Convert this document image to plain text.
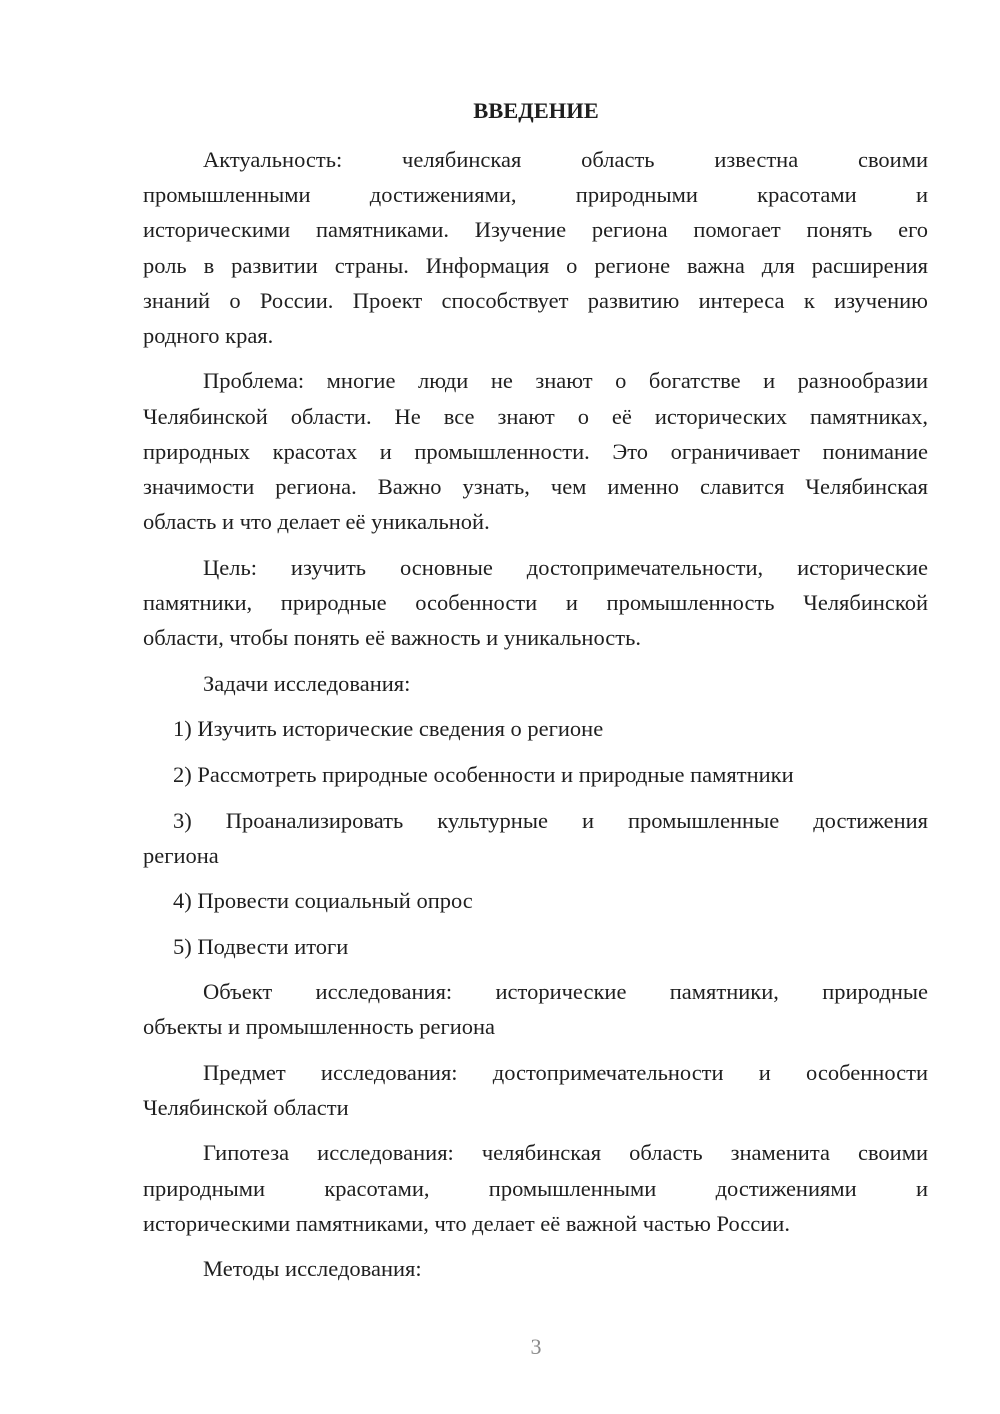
ВВЕДЕНИЕ

Актуальность: челябинская область известна своими

промышленными достижениями, природными красотами и

историческими памятниками. Изучение региона помогает понять его

роль в развитии страны. Информация о регионе важна для расширения

знаний о России. Проект способствует развитию интереса к изучению

родного края.

Проблема: многие люди не знают о богатстве и разнообразии

Челябинской области. Не все знают о её исторических памятниках,

природных красотах и промышленности. Это ограничивает понимание

значимости региона. Важно узнать, чем именно славится Челябинская

область и что делает её уникальной.

Цель: изучить основные достопримечательности, исторические

памятники, природные особенности и промышленность Челябинской

области, чтобы понять её важность и уникальность.

Задачи исследования:

1) Изучить исторические сведения о регионе

2) Рассмотреть природные особенности и природные памятники

3) Проанализировать культурные и промышленные достижения

региона

4) Провести социальный опрос

5) Подвести итоги

Объект исследования: исторические памятники, природные

объекты и промышленность региона

Предмет исследования: достопримечательности и особенности

Челябинской области

Гипотеза исследования: челябинская область знаменита своими

природными красотами, промышленными достижениями и

историческими памятниками, что делает её важной частью России.

Методы исследования:

3
